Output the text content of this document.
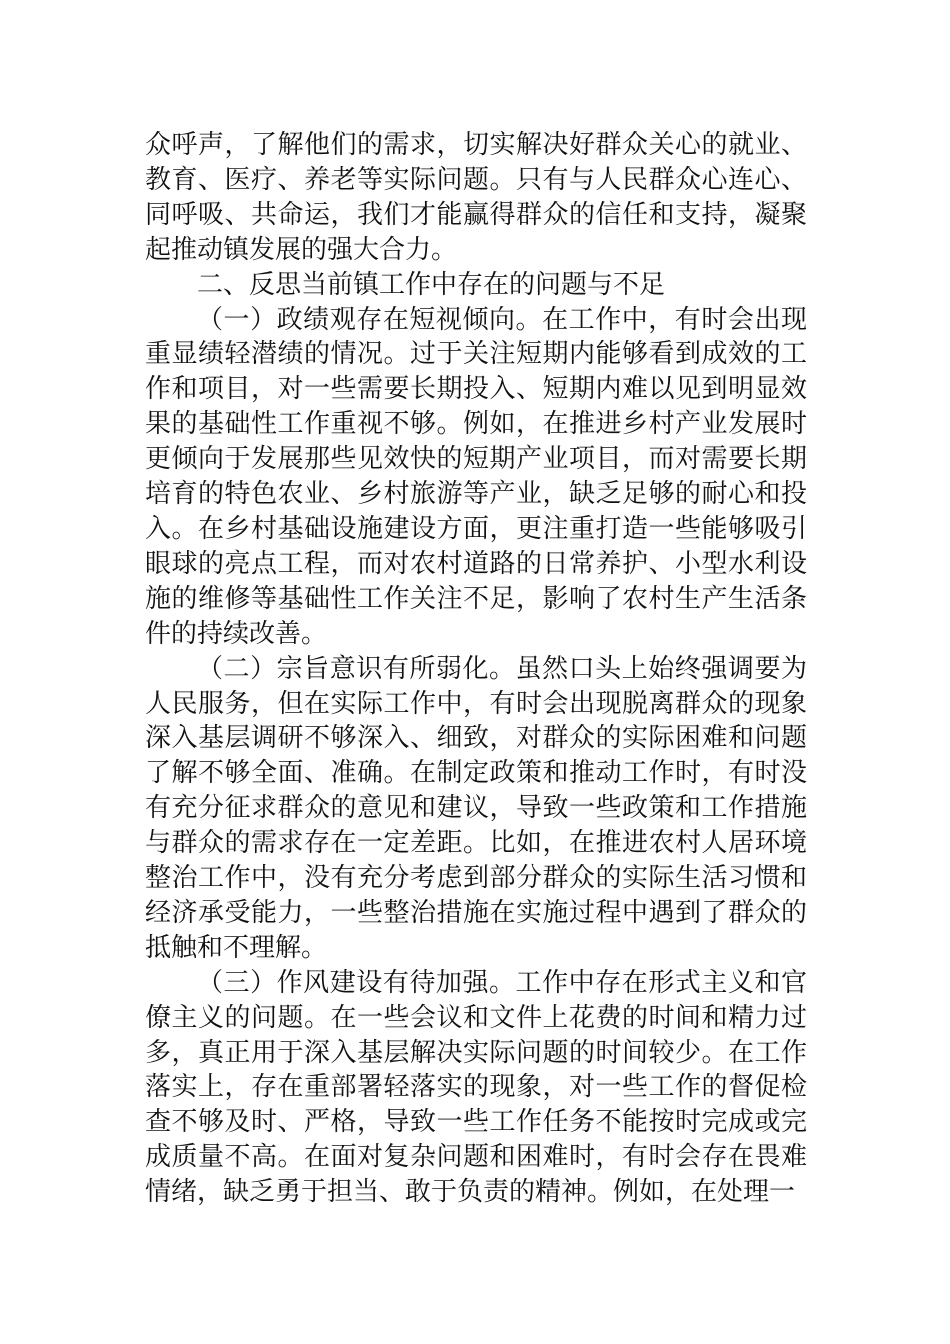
众呼声，了解他们的需求，切实解决好群众关心的就业、教育、医疗、养老等实际问题。只有与人民群众心连心、同呼吸、共命运，我们才能赢得群众的信任和支持，凝聚起推动镇发展的强大合力。

二、反思当前镇工作中存在的问题与不足

（一）政绩观存在短视倾向。在工作中，有时会出现重显绩轻潜绩的情况。过于关注短期内能够看到成效的工作和项目，对一些需要长期投入、短期内难以见到明显效果的基础性工作重视不够。例如，在推进乡村产业发展时更倾向于发展那些见效快的短期产业项目，而对需要长期培育的特色农业、乡村旅游等产业，缺乏足够的耐心和投入。在乡村基础设施建设方面，更注重打造一些能够吸引眼球的亮点工程，而对农村道路的日常养护、小型水利设施的维修等基础性工作关注不足，影响了农村生产生活条件的持续改善。

（二）宗旨意识有所弱化。虽然口头上始终强调要为人民服务，但在实际工作中，有时会出现脱离群众的现象深入基层调研不够深入、细致，对群众的实际困难和问题了解不够全面、准确。在制定政策和推动工作时，有时没有充分征求群众的意见和建议，导致一些政策和工作措施与群众的需求存在一定差距。比如，在推进农村人居环境整治工作中，没有充分考虑到部分群众的实际生活习惯和经济承受能力，一些整治措施在实施过程中遇到了群众的抵触和不理解。

（三）作风建设有待加强。工作中存在形式主义和官僚主义的问题。在一些会议和文件上花费的时间和精力过多，真正用于深入基层解决实际问题的时间较少。在工作落实上，存在重部署轻落实的现象，对一些工作的督促检查不够及时、严格，导致一些工作任务不能按时完成或完成质量不高。在面对复杂问题和困难时，有时会存在畏难情绪，缺乏勇于担当、敢于负责的精神。例如，在处理一
